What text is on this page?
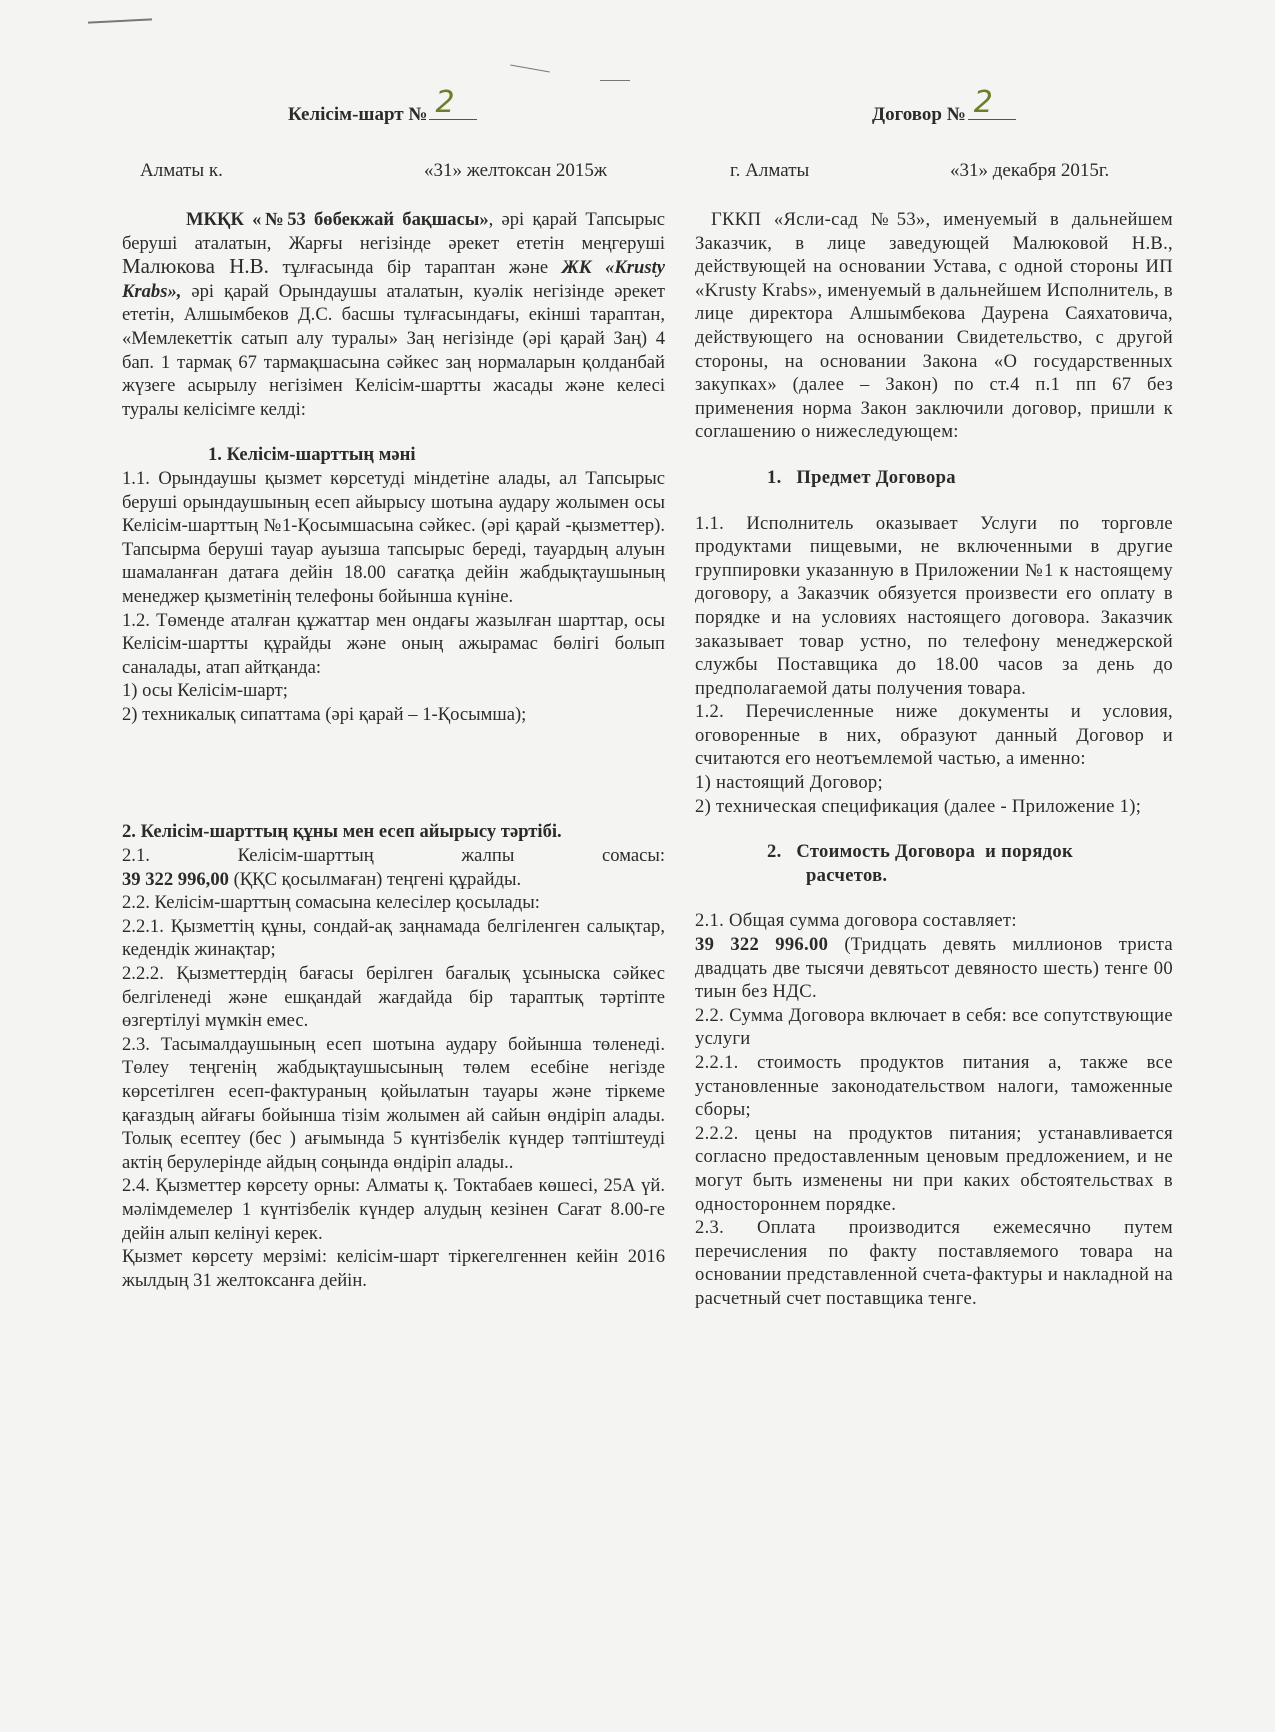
Келісім-шарт № 2	Договор № 2
Алматы к.	«31» желтоксан 2015ж	г. Алматы	«31» декабря 2015г.

МКҚК «№53 бөбекжай бақшасы», әрі қарай Тапсырыс беруші аталатын, Жарғы негізінде әрекет ететін меңгеруші Малюкова Н.В. тұлғасында бір тараптан және ЖК «Krusty Krabs», әрі қарай Орындаушы аталатын, куәлік негізінде әрекет ететін, Алшымбеков Д.С. басшы тұлғасындағы, екінші тараптан, «Мемлекеттік сатып алу туралы» Заң негізінде (әрі қарай Заң) 4 бап. 1 тармақ 67 тармақшасына сәйкес заң нормаларын қолданбай жүзеге асырылу негізімен Келісім-шартты жасады және келесі туралы келісімге келді:

1. Келісім-шарттың мәні

1.1. Орындаушы қызмет көрсетуді міндетіне алады, ал Тапсырыс беруші орындаушының есеп айырысу шотына аудару жолымен осы Келісім-шарттың №1-Қосымшасына сәйкес. (әрі қарай -қызметтер). Тапсырма беруші тауар ауызша тапсырыс береді, тауардың алуын шамаланған датаға дейін 18.00 сағатқа дейін жабдықтаушының менеджер қызметінің телефоны бойынша күніне.

1.2. Төменде аталған құжаттар мен ондағы жазылған шарттар, осы Келісім-шартты құрайды және оның ажырамас бөлігі болып саналады, атап айтқанда:

1) осы Келісім-шарт;

2) техникалық сипаттама (әрі қарай – 1-Қосымша);

2. Келісім-шарттың құны мен есеп айырысу тәртібі.

2.1. Келісім-шарттың жалпы сомасы:

39 322 996,00 (ҚҚС қосылмаған) теңгені құрайды.

2.2. Келісім-шарттың сомасына келесілер қосылады:

2.2.1. Қызметтің құны, сондай-ақ заңнамада белгіленген салықтар, кедендік жинақтар;

2.2.2. Қызметтердің бағасы берілген бағалық ұсыныска сәйкес белгіленеді және ешқандай жағдайда бір тараптық тәртіпте өзгертілуі мүмкін емес.

2.3. Тасымалдаушының есеп шотына аудару бойынша төленеді. Төлеу теңгенің жабдықтаушысының төлем есебіне негізде көрсетілген есеп-фактураның қойылатын тауары және тіркеме қағаздың айғағы бойынша тізім жолымен ай сайын өндіріп алады. Толық есептеу (бес ) ағымында 5 күнтізбелік күндер тәптіштеуді актің берулерінде айдың соңында өндіріп алады..

2.4. Қызметтер көрсету орны: Алматы қ. Токтабаев көшесі, 25А үй. мәлімдемелер 1 күнтізбелік күндер алудың кезінен Сағат 8.00-ге дейін алып келінуі керек.

Қызмет көрсету мерзімі: келісім-шарт тіркегелгеннен кейін 2016 жылдың 31 желтоксанға дейін.

ГККП «Ясли-сад №53», именуемый в дальнейшем Заказчик, в лице заведующей Малюковой Н.В., действующей на основании Устава, с одной стороны ИП «Krusty Krabs», именуемый в дальнейшем Исполнитель, в лице директора Алшымбекова Даурена Саяхатовича, действующего на основании Свидетельство, с другой стороны, на основании Закона «О государственных закупках» (далее – Закон) по ст.4 п.1 пп 67 без применения норма Закон заключили договор, пришли к соглашению о нижеследующем:

1.   Предмет Договора

1.1. Исполнитель оказывает Услуги по торговле продуктами пищевыми, не включенными в другие группировки указанную в Приложении №1 к настоящему договору, а Заказчик обязуется произвести его оплату в порядке и на условиях настоящего договора. Заказчик заказывает товар устно, по телефону менеджерской службы Поставщика до 18.00 часов за день до предполагаемой даты получения товара.

1.2. Перечисленные ниже документы и условия, оговоренные в них, образуют данный Договор и считаются его неотъемлемой частью, а именно:

1) настоящий Договор;

2) техническая спецификация (далее - Приложение 1);

2.   Стоимость Договора  и порядок

расчетов.

2.1. Общая сумма договора составляет:

39 322 996.00 (Тридцать девять миллионов триста двадцать две тысячи девятьсот девяносто шесть) тенге 00 тиын без НДС.

2.2. Сумма Договора включает в себя: все сопутствующие услуги

2.2.1. стоимость продуктов питания а, также все установленные законодательством налоги, таможенные сборы;

2.2.2. цены на продуктов питания; устанавливается согласно предоставленным ценовым предложением, и не могут быть изменены ни при каких обстоятельствах в одностороннем порядке.

2.3. Оплата производится ежемесячно путем перечисления по факту поставляемого товара на основании представленной счета-фактуры и накладной на расчетный счет поставщика тенге.
